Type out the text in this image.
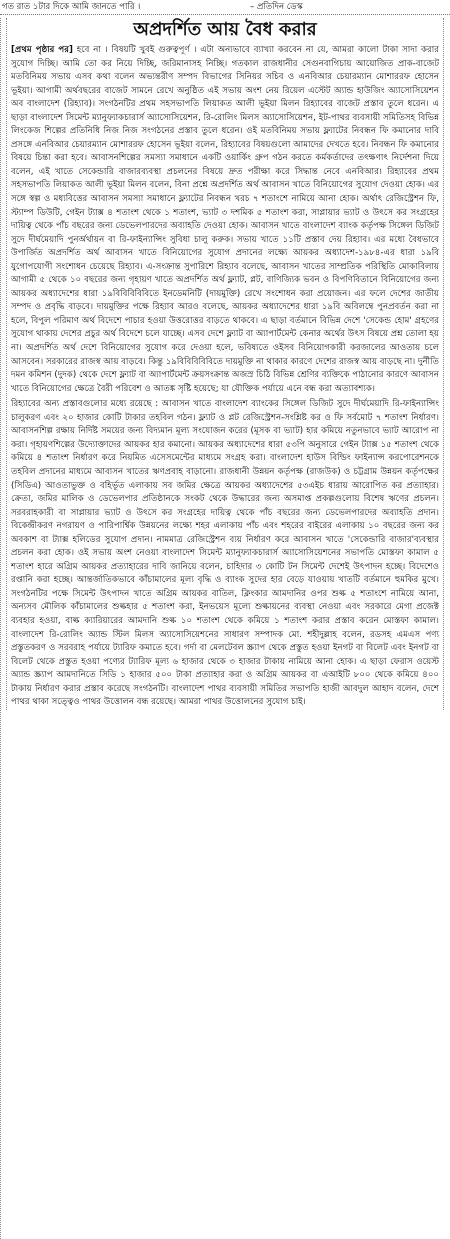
গত রাত ১টার দিকে আমি জানতে পারি ।	– প্রতিদিন ডেস্ক
অপ্রদর্শিত আয় বৈধ করার

[প্রথম পৃষ্ঠার পর] হবে না । বিষয়টি খুবই গুরুত্বপূর্ণ । এটা অন্যভাবে ব্যাখ্যা করবেন না যে, আমরা কালো টাকা সাদা করার সুযোগ দিচ্ছি। আমি তো কর নিয়ে দিচ্ছি, জরিমানাসহ নিচ্ছি। গতকাল রাজধানীর সেগুনবাগিচায় আয়োজিত প্রাক-বাজেট মতবিনিময় সভায় এসব কথা বলেন অভ্যন্তরীণ সম্পদ বিভাগের সিনিয়র সচিব ও এনবিআর চেয়ারম্যান মোশাররফ হোসেন ভূইয়া। আগামী অর্থবছরের বাজেট সামনে রেখে অনুষ্ঠিত এই সভায় অংশ নেয় রিয়েল এস্টেট অ্যান্ড হাউজিং অ্যাসোসিয়েশন অব বাংলাদেশ (রিহ্যাব)। সংগঠনটির প্রথম সহসভাপতি লিয়াকত আলী ভূইয়া মিলন রিহ্যাবের বাজেট প্রস্তাব তুলে ধরেন। এ ছাড়া বাংলাদেশ সিমেন্ট ম্যানুফ্যাকচারার্স অ্যাসোসিয়েশন, রি-রোলিং মিলস অ্যাসোসিয়েশন, ইট-পাথর ব্যবসায়ী সমিতিসহ বিভিন্ন লিংকেজ শিল্পের প্রতিনিধি নিজ নিজ সংগঠনের প্রস্তাব তুলে ধরেন। ওই মতবিনিময় সভায় ফ্ল্যাটের নিবন্ধন ফি কমানোর দাবি প্রসঙ্গে এনবিআর চেয়ারম্যান মোশাররফ হোসেন ভূইয়া বলেন, রিহ্যাবের বিষয়গুলো আমাদের দেখতে হবে। নিবন্ধন ফি কমানোর বিষয়ে চিন্তা করা হবে। আবাসনশিল্পের সমস্যা সমাধানে একটি ওয়ার্কিং গ্রুপ গঠন করতে কর্মকর্তাদের তৎক্ষণাৎ নির্দেশনা দিয়ে বলেন, এই খাতে সেকেন্ডারি বাজারব্যবস্থা প্রচলনের বিষয়ে দ্রুত পরীক্ষা করে সিদ্ধান্ত নেবে এনবিআর। রিহ্যাবের প্রথম সহসভাপতি লিয়াকত আলী ভূইয়া মিলন বলেন, বিনা প্রশ্নে অপ্রদর্শিত অর্থ আবাসন খাতে বিনিয়োগের সুযোগ দেওয়া হোক। এর সঙ্গে স্বল্প ও মধ্যবিত্তের আবাসন সমস্যা সমাধানে ফ্ল্যাটের নিবন্ধন খরচ ৭ শতাংশে নামিয়ে আনা হোক। অর্থাৎ রেজিস্ট্রেশন ফি, স্ট্যাম্প ডিউটি, গেইন ট্যাক্স ৪ শতাংশ থেকে ১ শতাংশ, ভ্যাট ৩ দশমিক ৫ শতাংশ করা, সাপ্লায়ার ভ্যাট ও উৎসে কর সংগ্রহের দায়িত্ব থেকে পাঁচ বছরের জন্য ডেভেলপারদের অব্যাহতি দেওয়া হোক। আবাসন খাতে বাংলাদেশ ব্যাংক কর্তৃপক্ষ সিঙ্গেল ডিজিট সুদে দীর্ঘমেয়াদি পুনর্অর্থায়ন বা রি-ফাইন্যান্সিং সুবিধা চালু করুক। সভায় খাতে ১১টি প্রস্তাব দেয় রিহ্যাব। এর মধ্যে বৈধভাবে উপার্জিত অপ্রদর্শিত অর্থ আবাসন খাতে বিনিয়োগের সুযোগ প্রদানের লক্ষ্যে আয়কর অধ্যাদেশ-১৯৮৪-এর ধারা ১৯বি যুগোপযোগী সংশোধন চেয়েছে রিহ্যাব। এ-সংক্রান্ত সুপারিশে রিহ্যাব বলেছে, আবাসন খাতের সাম্প্রতিক পরিস্থিতি মোকাবিলায় আগামী ৫ থেকে ১০ বছরের জন্য গৃহায়ণ খাতে অপ্রদর্শিত অর্থ ফ্ল্যাট, প্লট, বাণিজ্যিক ভবন ও বিপণিবিতানে বিনিয়োগের জন্য আয়কর অধ্যাদেশের ধারা ১৯বিবিবিবিবিতে ইনডেমনিটি (দায়মুক্তি) রেখে সংশোধন করা প্রয়োজন। এর ফলে দেশের জাতীয় সম্পদ ও প্রবৃদ্ধি বাড়বে। দায়মুক্তির পক্ষে রিহ্যাব আরও বলেছে, আয়কর অধ্যাদেশের ধারা ১৯বি অবিলম্বে পুনপ্রবর্তন করা না হলে, বিপুল পরিমাণ অর্থ বিদেশে পাচার হওয়া উত্তরোত্তর বাড়তে থাকবে। এ ছাড়া বর্তমানে বিভিন্ন দেশে 'সেকেন্ড হোম' গ্রহণের সুযোগ থাকায় দেশের প্রচুর অর্থ বিদেশে চলে যাচ্ছে। এসব দেশে ফ্ল্যাট বা অ্যাপার্টমেন্ট কেনার অর্থের উৎস বিষয়ে প্রশ্ন তোলা হয় না। অপ্রদর্শিত অর্থ দেশে বিনিয়োগের সুযোগ করে দেওয়া হলে, ভবিষ্যতে ওইসব বিনিয়োগকারী করজালের আওতায় চলে আসবেন। সরকারের রাজস্ব আয় বাড়বে। কিন্তু ১৯বিবিবিবিবিতে দায়মুক্তি না থাকার কারণে দেশের রাজস্ব আয় বাড়ছে না। দুর্নীতি দমন কমিশন (দুদক) থেকে দেশে ফ্ল্যাট বা অ্যাপার্টমেন্ট ক্রয়সংক্রান্ত অজস্র চিঠি বিভিন্ন শ্রেণির ব্যক্তিকে পাঠানোর কারণে আবাসন খাতে বিনিয়োগের ক্ষেত্রে বৈরী পরিবেশ ও আতঙ্ক সৃষ্টি হয়েছে; যা যৌক্তিক পর্যায়ে এনে বন্ধ করা অত্যাবশ্যক।

রিহ্যাবের অন্য প্রস্তাবগুলোর মধ্যে রয়েছে : আবাসন খাতে বাংলাদেশ ব্যাংকের সিঙ্গেল ডিজিট সুদে দীর্ঘমেয়াদি রি-ফাইন্যান্সিং চালুকরণ এবং ২০ হাজার কোটি টাকার তহবিল গঠন। ফ্ল্যাট ও প্লট রেজিস্ট্রেশন-সংশ্লিষ্ট কর ও ফি সর্বমোট ৭ শতাংশ নির্ধারণ। আবাসনশিল্প রক্ষায় নির্দিষ্ট সময়ের জন্য বিদ্যমান মূল্য সংযোজন করের (মূসক বা ভ্যাট) হার কমিয়ে নতুনভাবে ভ্যাট আরোপ না করা। গৃহায়ণশিল্পের উদ্যোক্তাদের আয়কর হার কমানো। আয়কর অধ্যাদেশের ধারা ৫৩পি অনুসারে গেইন ট্যাক্স ১৫ শতাংশ থেকে কমিয়ে ৪ শতাংশ নির্ধারণ করে নিয়মিত এসেসমেন্টের মাধ্যমে সংগ্রহ করা। বাংলাদেশ হাউস বিল্ডিং ফাইন্যান্স করপোরেশনকে তহবিল প্রদানের মাধ্যমে আবাসন খাতের ঋণপ্রবাহ বাড়ানো। রাজধানী উন্নয়ন কর্তৃপক্ষ (রাজউক) ও চট্টগ্রাম উন্নয়ন কর্তৃপক্ষের (সিডিএ) আওতাভুক্ত ও বহির্ভূত এলাকায় সব জমির ক্ষেত্রে আয়কর অধ্যাদেশের ৫৩এইচ ধারায় আরোপিত কর প্রত্যাহার। ক্রেতা, জমির মালিক ও ডেভেলপার প্রতিষ্ঠানকে সংকট থেকে উদ্ধারের জন্য অসমাপ্ত প্রকল্পগুলোয় বিশেষ ঋণের প্রচলন। সরবরাহকারী বা সাপ্লায়ার ভ্যাট ও উৎসে কর সংগ্রহের দায়িত্ব থেকে পাঁচ বছরের জন্য ডেভেলপারদের অব্যাহতি প্রদান। বিকেন্দ্রীকরণ নগরায়ণ ও পারিপার্শ্বিক উন্নয়নের লক্ষ্যে শহর এলাকায় পাঁচ এবং শহরের বাইরের এলাকায় ১০ বছরের জন্য কর অবকাশ বা ট্যাক্স হলিডের সুযোগ প্রদান। নামমাত্র রেজিস্ট্রেশন ব্যয় নির্ধারণ করে আবাসন খাতে 'সেকেন্ডারি বাজার'ব্যবস্থার প্রচলন করা হোক। ওই সভায় অংশ নেওয়া বাংলাদেশ সিমেন্ট ম্যানুফ্যাকচারার্স অ্যাসোসিয়েশনের সভাপতি মোস্তফা কামাল ৫ শতাংশ হারে অগ্রিম আয়কর প্রত্যাহারের দাবি জানিয়ে বলেন, চাহিদার ৩ কোটি টন সিমেন্ট দেশেই উৎপাদন হচ্ছে। বিদেশেও রপ্তানি করা হচ্ছে। আন্তর্জাতিকভাবে কাঁচামালের মূল্য বৃদ্ধি ও ব্যাংক সুদের হার বেড়ে যাওয়ায় খাতটি বর্তমানে হুমকির মুখে। সংগঠনটির পক্ষে সিমেন্ট উৎপাদন খাতে অগ্রিম আয়কর বাতিল, ক্লিংকার আমদানির ওপর শুল্ক ৫ শতাংশে নামিয়ে আনা, অন্যসব মৌলিক কাঁচামালের শুল্কহার ৫ শতাংশ করা, ইনভয়েস মূল্যে শুল্কায়নের ব্যবস্থা নেওয়া এবং সরকারে মেগা প্রজেক্ট ব্যবহার হওয়া, বাল্ক ক্যারিয়ারের আমদানি শুল্ক ১০ শতাংশ থেকে কমিয়ে ১ শতাংশ করার প্রস্তাব করেন মোস্তফা কামাল। বাংলাদেশ রি-রোলিং অ্যান্ড স্টিল মিলস অ্যাসোসিয়েশনের সাধারণ সম্পাদক মো. শহীদুল্লাহ বলেন, রডসহ এমএস পণ্য প্রস্তুতকরণ ও সরবরাহ পর্যায়ে ট্যারিফ কমাতে হবে। গর্দা বা মেলটেবল স্ক্র্যাপ থেকে প্রস্তুত হওয়া ইনগট বা বিলেট এবং ইনগট বা বিলেট থেকে প্রস্তুত হওয়া পণ্যের ট্যারিফ মূল্য ৬ হাজার থেকে ৩ হাজার টাকায় নামিয়ে আনা হোক। এ ছাড়া ফেরাস ওয়েস্ট অ্যান্ড স্ক্র্যাপ আমদানিতে সিডি ১ হাজার ৫০০ টাকা প্রত্যাহার করা ও অগ্রিম আয়কর বা এআইটি ৮০০ থেকে কমিয়ে ৪০০ টাকায় নির্ধারণ করার প্রস্তাব করেছে সংগঠনটি। বাংলাদেশ পাথর ব্যবসায়ী সমিতির সভাপতি হাজী আবদুল আহাদ বলেন, দেশে পাথর থাকা সত্ত্বেও পাথর উত্তোলন বন্ধ রয়েছে। আমরা পাথর উত্তোলনের সুযোগ চাই।
